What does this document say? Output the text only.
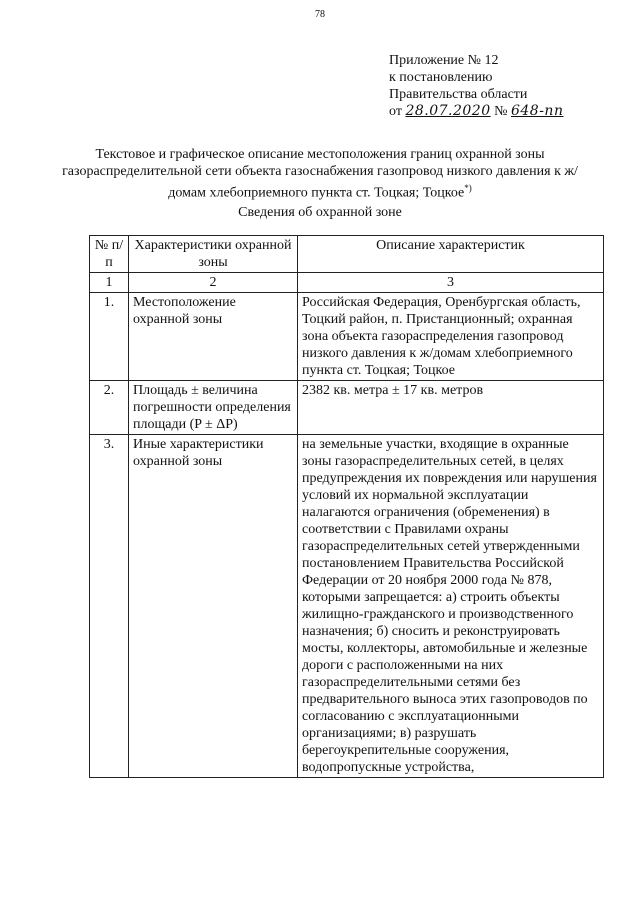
78
Приложение № 12
к постановлению
Правительства области
от 28.07.2020 № 648-пп
Текстовое и графическое описание местоположения границ охранной зоны газораспределительной сети объекта газоснабжения газопровод низкого давления к ж/домам хлебоприемного пункта ст. Тоцкая; Тоцкое*)
Сведения об охранной зоне
№ п/п	Характеристики охранной зоны	Описание характеристик
1	2	3
1.	Местоположение охранной зоны	Российская Федерация, Оренбургская область, Тоцкий район, п. Пристанционный; охранная зона объекта газораспределения газопровод низкого давления к ж/домам хлебоприемного пункта ст. Тоцкая; Тоцкое
2.	Площадь ± величина погрешности определения площади (P ± ΔP)	2382 кв. метра ± 17 кв. метров
3.	Иные характеристики охранной зоны	на земельные участки, входящие в охранные зоны газораспределительных сетей, в целях предупреждения их повреждения или нарушения условий их нормальной эксплуатации налагаются ограничения (обременения) в соответствии с Правилами охраны газораспределительных сетей утвержденными постановлением Правительства Российской Федерации от 20 ноября 2000 года № 878, которыми запрещается: а) строить объекты жилищно-гражданского и производственного назначения; б) сносить и реконструировать мосты, коллекторы, автомобильные и железные дороги с расположенными на них газораспределительными сетями без предварительного выноса этих газопроводов по согласованию с эксплуатационными организациями; в) разрушать берегоукрепительные сооружения, водопропускные устройства,
